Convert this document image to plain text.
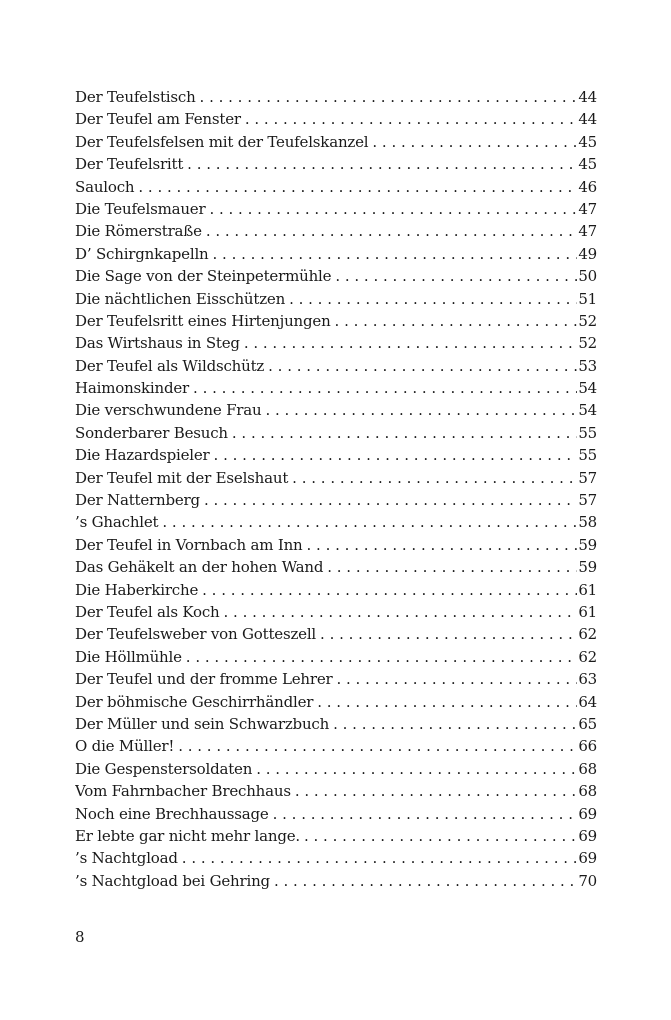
Der Teufelstisch . . .	44
Der Teufel am Fenster . . .	44
Der Teufelsfelsen mit der Teufelskanzel . . .	45
Der Teufelsritt . . .	45
Sauloch . . .	46
Die Teufelsmauer . . .	47
Die Römerstraße . . .	47
D’ Schirgnkapelln . . .	49
Die Sage von der Steinpetermühle . . .	50
Die nächtlichen Eisschützen . . .	51
Der Teufelsritt eines Hirtenjungen . . .	52
Das Wirtshaus in Steg . . .	52
Der Teufel als Wildschütz . . .	53
Haimonskinder . . .	54
Die verschwundene Frau . . .	54
Sonderbarer Besuch . . .	55
Die Hazardspieler . . .	55
Der Teufel mit der Eselshaut . . .	57
Der Natternberg . . .	57
’s Ghachlet . . .	58
Der Teufel in Vornbach am Inn . . .	59
Das Gehäkelt an der hohen Wand . . .	59
Die Haberkirche . . .	61
Der Teufel als Koch . . .	61
Der Teufelsweber von Gotteszell . . .	62
Die Höllmühle . . .	62
Der Teufel und der fromme Lehrer . . .	63
Der böhmische Geschirrhändler . . .	64
Der Müller und sein Schwarzbuch . . .	65
O die Müller! . . .	66
Die Gespenstersoldaten . . .	68
Vom Fahrnbacher Brechhaus . . .	68
Noch eine Brechhaussage . . .	69
Er lebte gar nicht mehr lange. . . .	69
’s Nachtgload . . .	69
’s Nachtgload bei Gehring . . .	70
8
